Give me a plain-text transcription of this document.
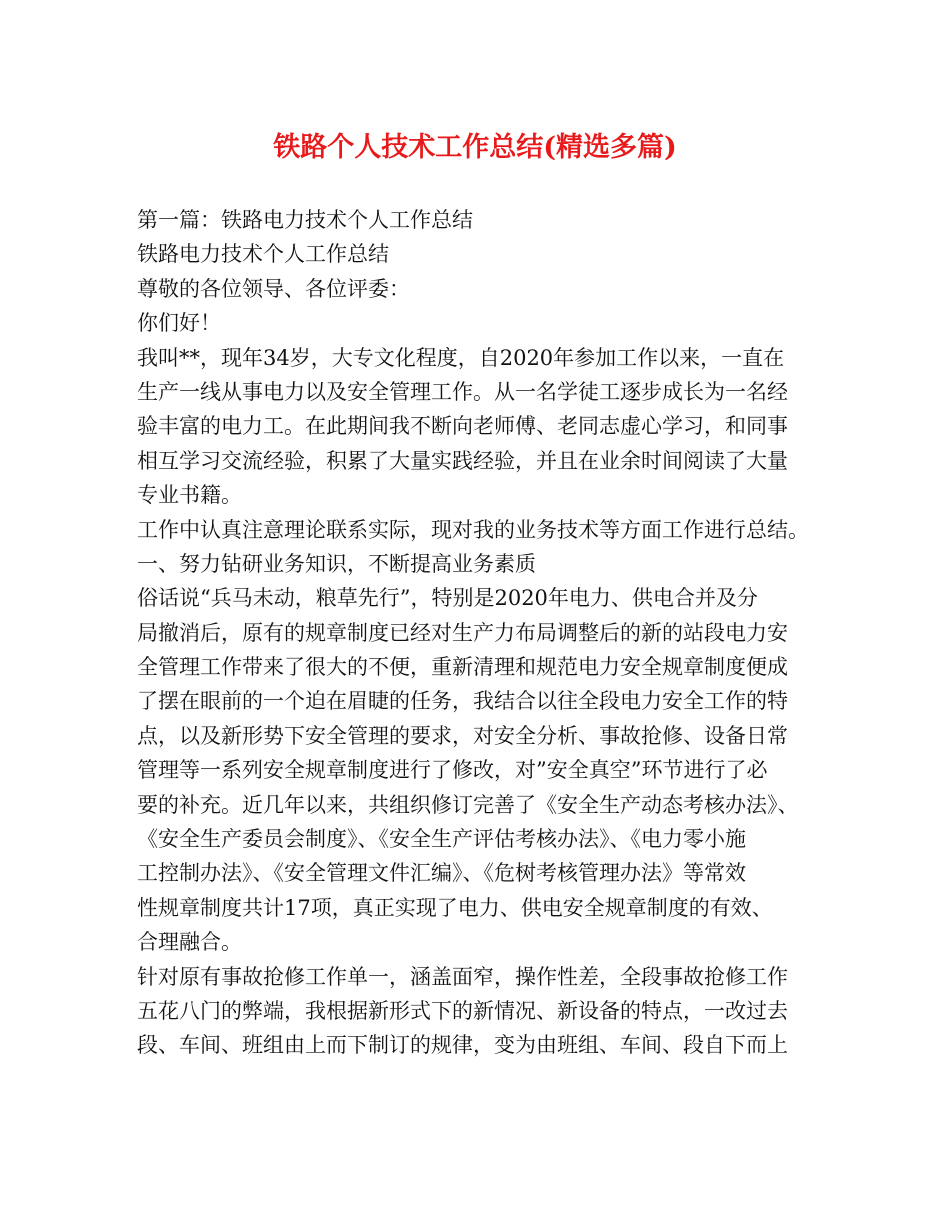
铁路个人技术工作总结(精选多篇)
第一篇：铁路电力技术个人工作总结
铁路电力技术个人工作总结
尊敬的各位领导、各位评委：
你们好！
我叫**，现年34岁，大专文化程度，自2020年参加工作以来，一直在
生产一线从事电力以及安全管理工作。从一名学徒工逐步成长为一名经
验丰富的电力工。在此期间我不断向老师傅、老同志虚心学习，和同事
相互学习交流经验，积累了大量实践经验，并且在业余时间阅读了大量
专业书籍。
工作中认真注意理论联系实际，现对我的业务技术等方面工作进行总结。
一、努力钻研业务知识，不断提高业务素质
俗话说“兵马未动，粮草先行”，特别是2020年电力、供电合并及分
局撤消后，原有的规章制度已经对生产力布局调整后的新的站段电力安
全管理工作带来了很大的不便，重新清理和规范电力安全规章制度便成
了摆在眼前的一个迫在眉睫的任务，我结合以往全段电力安全工作的特
点，以及新形势下安全管理的要求，对安全分析、事故抢修、设备日常
管理等一系列安全规章制度进行了修改，对”安全真空”环节进行了必
要的补充。近几年以来，共组织修订完善了《安全生产动态考核办法》、
《安全生产委员会制度》、《安全生产评估考核办法》、《电力零小施
工控制办法》、《安全管理文件汇编》、《危树考核管理办法》等常效
性规章制度共计17项，真正实现了电力、供电安全规章制度的有效、
合理融合。
针对原有事故抢修工作单一，涵盖面窄，操作性差，全段事故抢修工作
五花八门的弊端，我根据新形式下的新情况、新设备的特点，一改过去
段、车间、班组由上而下制订的规律，变为由班组、车间、段自下而上
